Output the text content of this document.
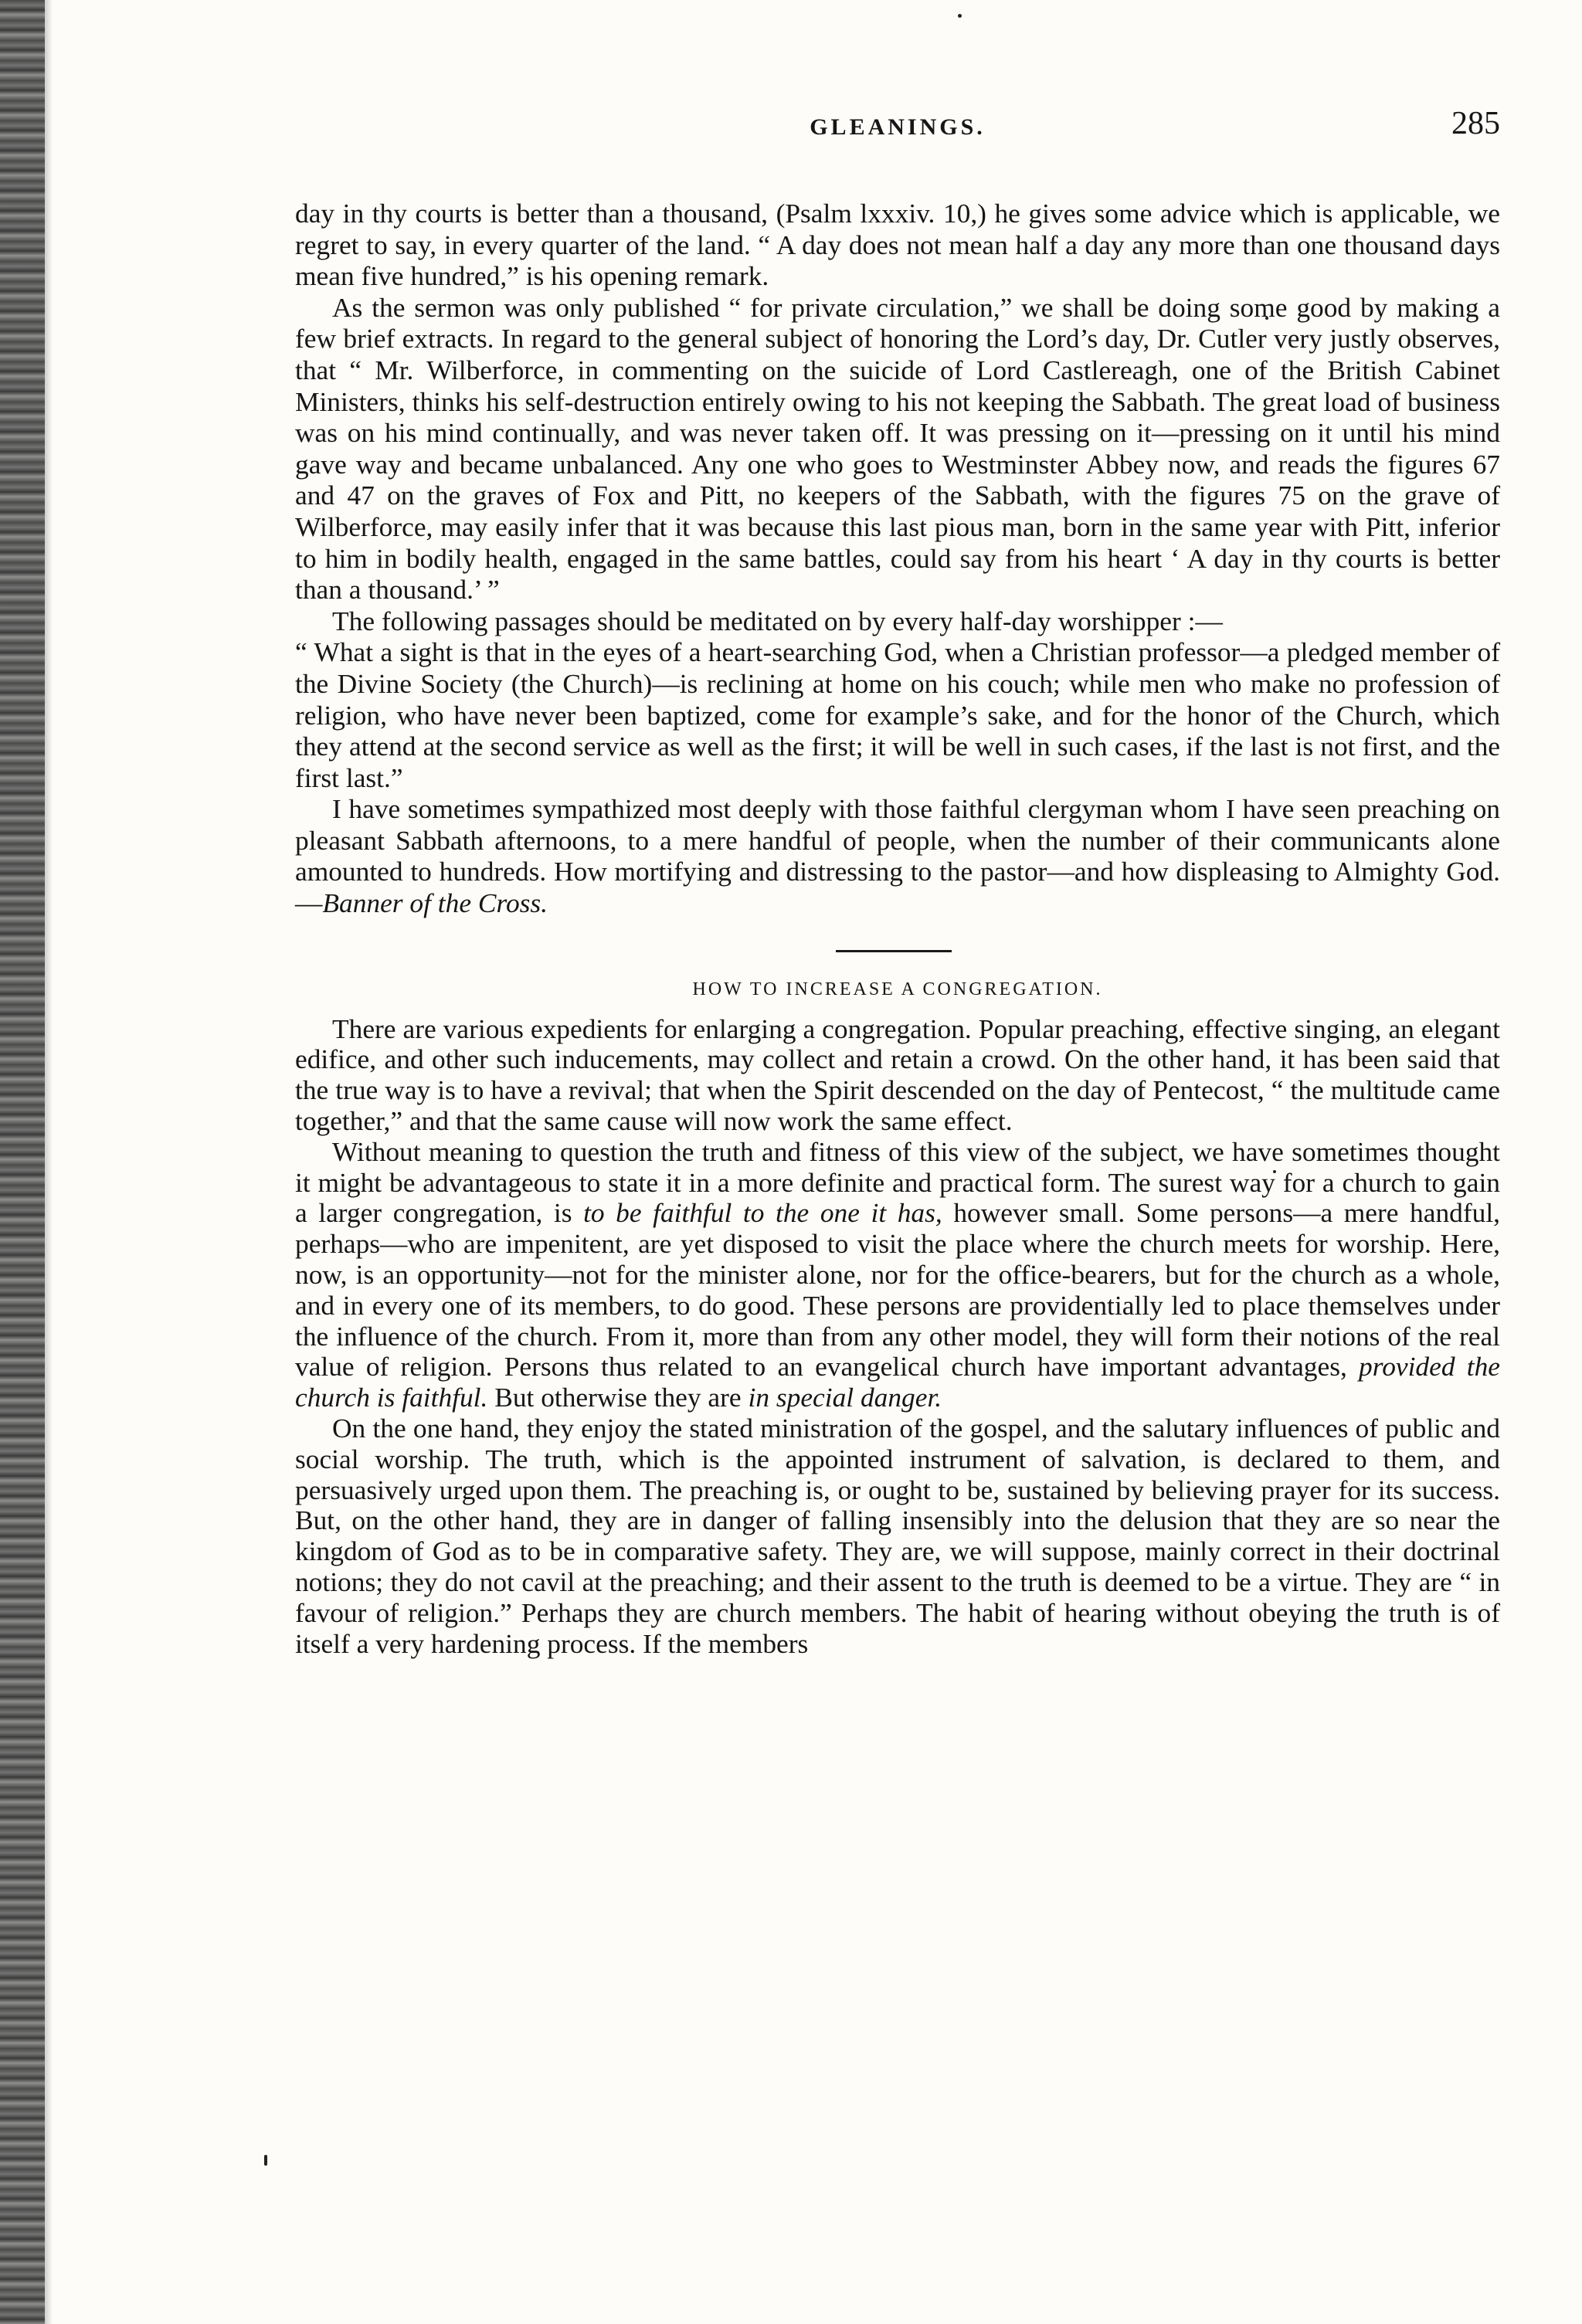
GLEANINGS.	285

day in thy courts is better than a thousand, (Psalm lxxxiv. 10,) he gives some advice which is applicable, we regret to say, in every quarter of the land. “ A day does not mean half a day any more than one thousand days mean five hundred,” is his opening remark.

As the sermon was only published “ for private circulation,” we shall be doing some good by making a few brief extracts. In regard to the general subject of honoring the Lord’s day, Dr. Cutler very justly observes, that “ Mr. Wilberforce, in commenting on the suicide of Lord Castlereagh, one of the British Cabinet Ministers, thinks his self-destruction entirely owing to his not keeping the Sabbath. The great load of business was on his mind continually, and was never taken off. It was pressing on it—pressing on it until his mind gave way and became unbalanced. Any one who goes to Westminster Abbey now, and reads the figures 67 and 47 on the graves of Fox and Pitt, no keepers of the Sabbath, with the figures 75 on the grave of Wilberforce, may easily infer that it was because this last pious man, born in the same year with Pitt, inferior to him in bodily health, engaged in the same battles, could say from his heart ‘ A day in thy courts is better than a thousand.’ ”

The following passages should be meditated on by every half-day worshipper :—

“ What a sight is that in the eyes of a heart-searching God, when a Christian professor—a pledged member of the Divine Society (the Church)—is reclining at home on his couch; while men who make no profession of religion, who have never been baptized, come for example’s sake, and for the honor of the Church, which they attend at the second service as well as the first; it will be well in such cases, if the last is not first, and the first last.”

I have sometimes sympathized most deeply with those faithful clergyman whom I have seen preaching on pleasant Sabbath afternoons, to a mere handful of people, when the number of their communicants alone amounted to hundreds. How mortifying and distressing to the pastor—and how displeasing to Almighty God.—Banner of the Cross.

HOW TO INCREASE A CONGREGATION.

There are various expedients for enlarging a congregation. Popular preaching, effective singing, an elegant edifice, and other such inducements, may collect and retain a crowd. On the other hand, it has been said that the true way is to have a revival; that when the Spirit descended on the day of Pentecost, “ the multitude came together,” and that the same cause will now work the same effect.

Without meaning to question the truth and fitness of this view of the subject, we have sometimes thought it might be advantageous to state it in a more definite and practical form. The surest way for a church to gain a larger congregation, is to be faithful to the one it has, however small. Some persons—a mere handful, perhaps—who are impenitent, are yet disposed to visit the place where the church meets for worship. Here, now, is an opportunity—not for the minister alone, nor for the office-bearers, but for the church as a whole, and in every one of its members, to do good. These persons are providentially led to place themselves under the influence of the church. From it, more than from any other model, they will form their notions of the real value of religion. Persons thus related to an evangelical church have important advantages, provided the church is faithful. But otherwise they are in special danger.

On the one hand, they enjoy the stated ministration of the gospel, and the salutary influences of public and social worship. The truth, which is the appointed instrument of salvation, is declared to them, and persuasively urged upon them. The preaching is, or ought to be, sustained by believing prayer for its success. But, on the other hand, they are in danger of falling insensibly into the delusion that they are so near the kingdom of God as to be in comparative safety. They are, we will suppose, mainly correct in their doctrinal notions; they do not cavil at the preaching; and their assent to the truth is deemed to be a virtue. They are “ in favour of religion.” Perhaps they are church members. The habit of hearing without obeying the truth is of itself a very hardening process. If the members
